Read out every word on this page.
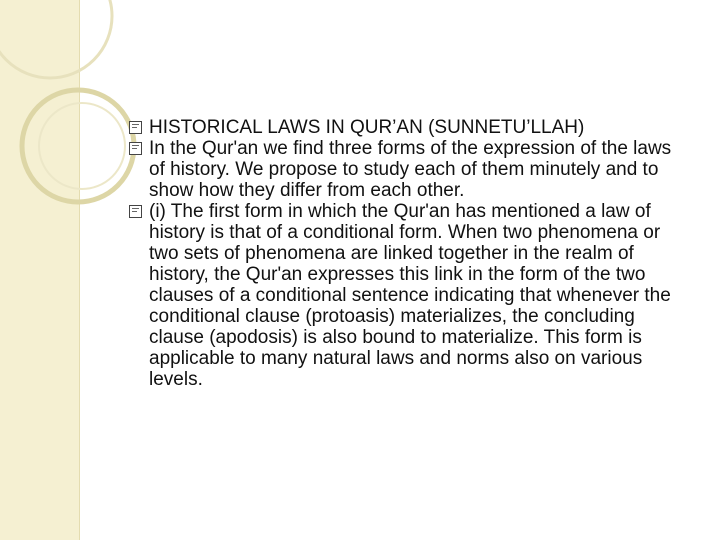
HISTORICAL LAWS IN QUR’AN (SUNNETU’LLAH)

In the Qur'an we find three forms of the expression of the laws of history. We propose to study each of them minutely and to show how they differ from each other.

(i) The first form in which the Qur'an has mentioned a law of history is that of a conditional form. When two phenomena or two sets of phenomena are linked together in the realm of history, the Qur'an expresses this link in the form of the two clauses of a conditional sentence indicating that whenever the conditional clause (protoasis) materializes, the concluding clause (apodosis) is also bound to materialize. This form is applicable to many natural laws and norms also on various levels.
